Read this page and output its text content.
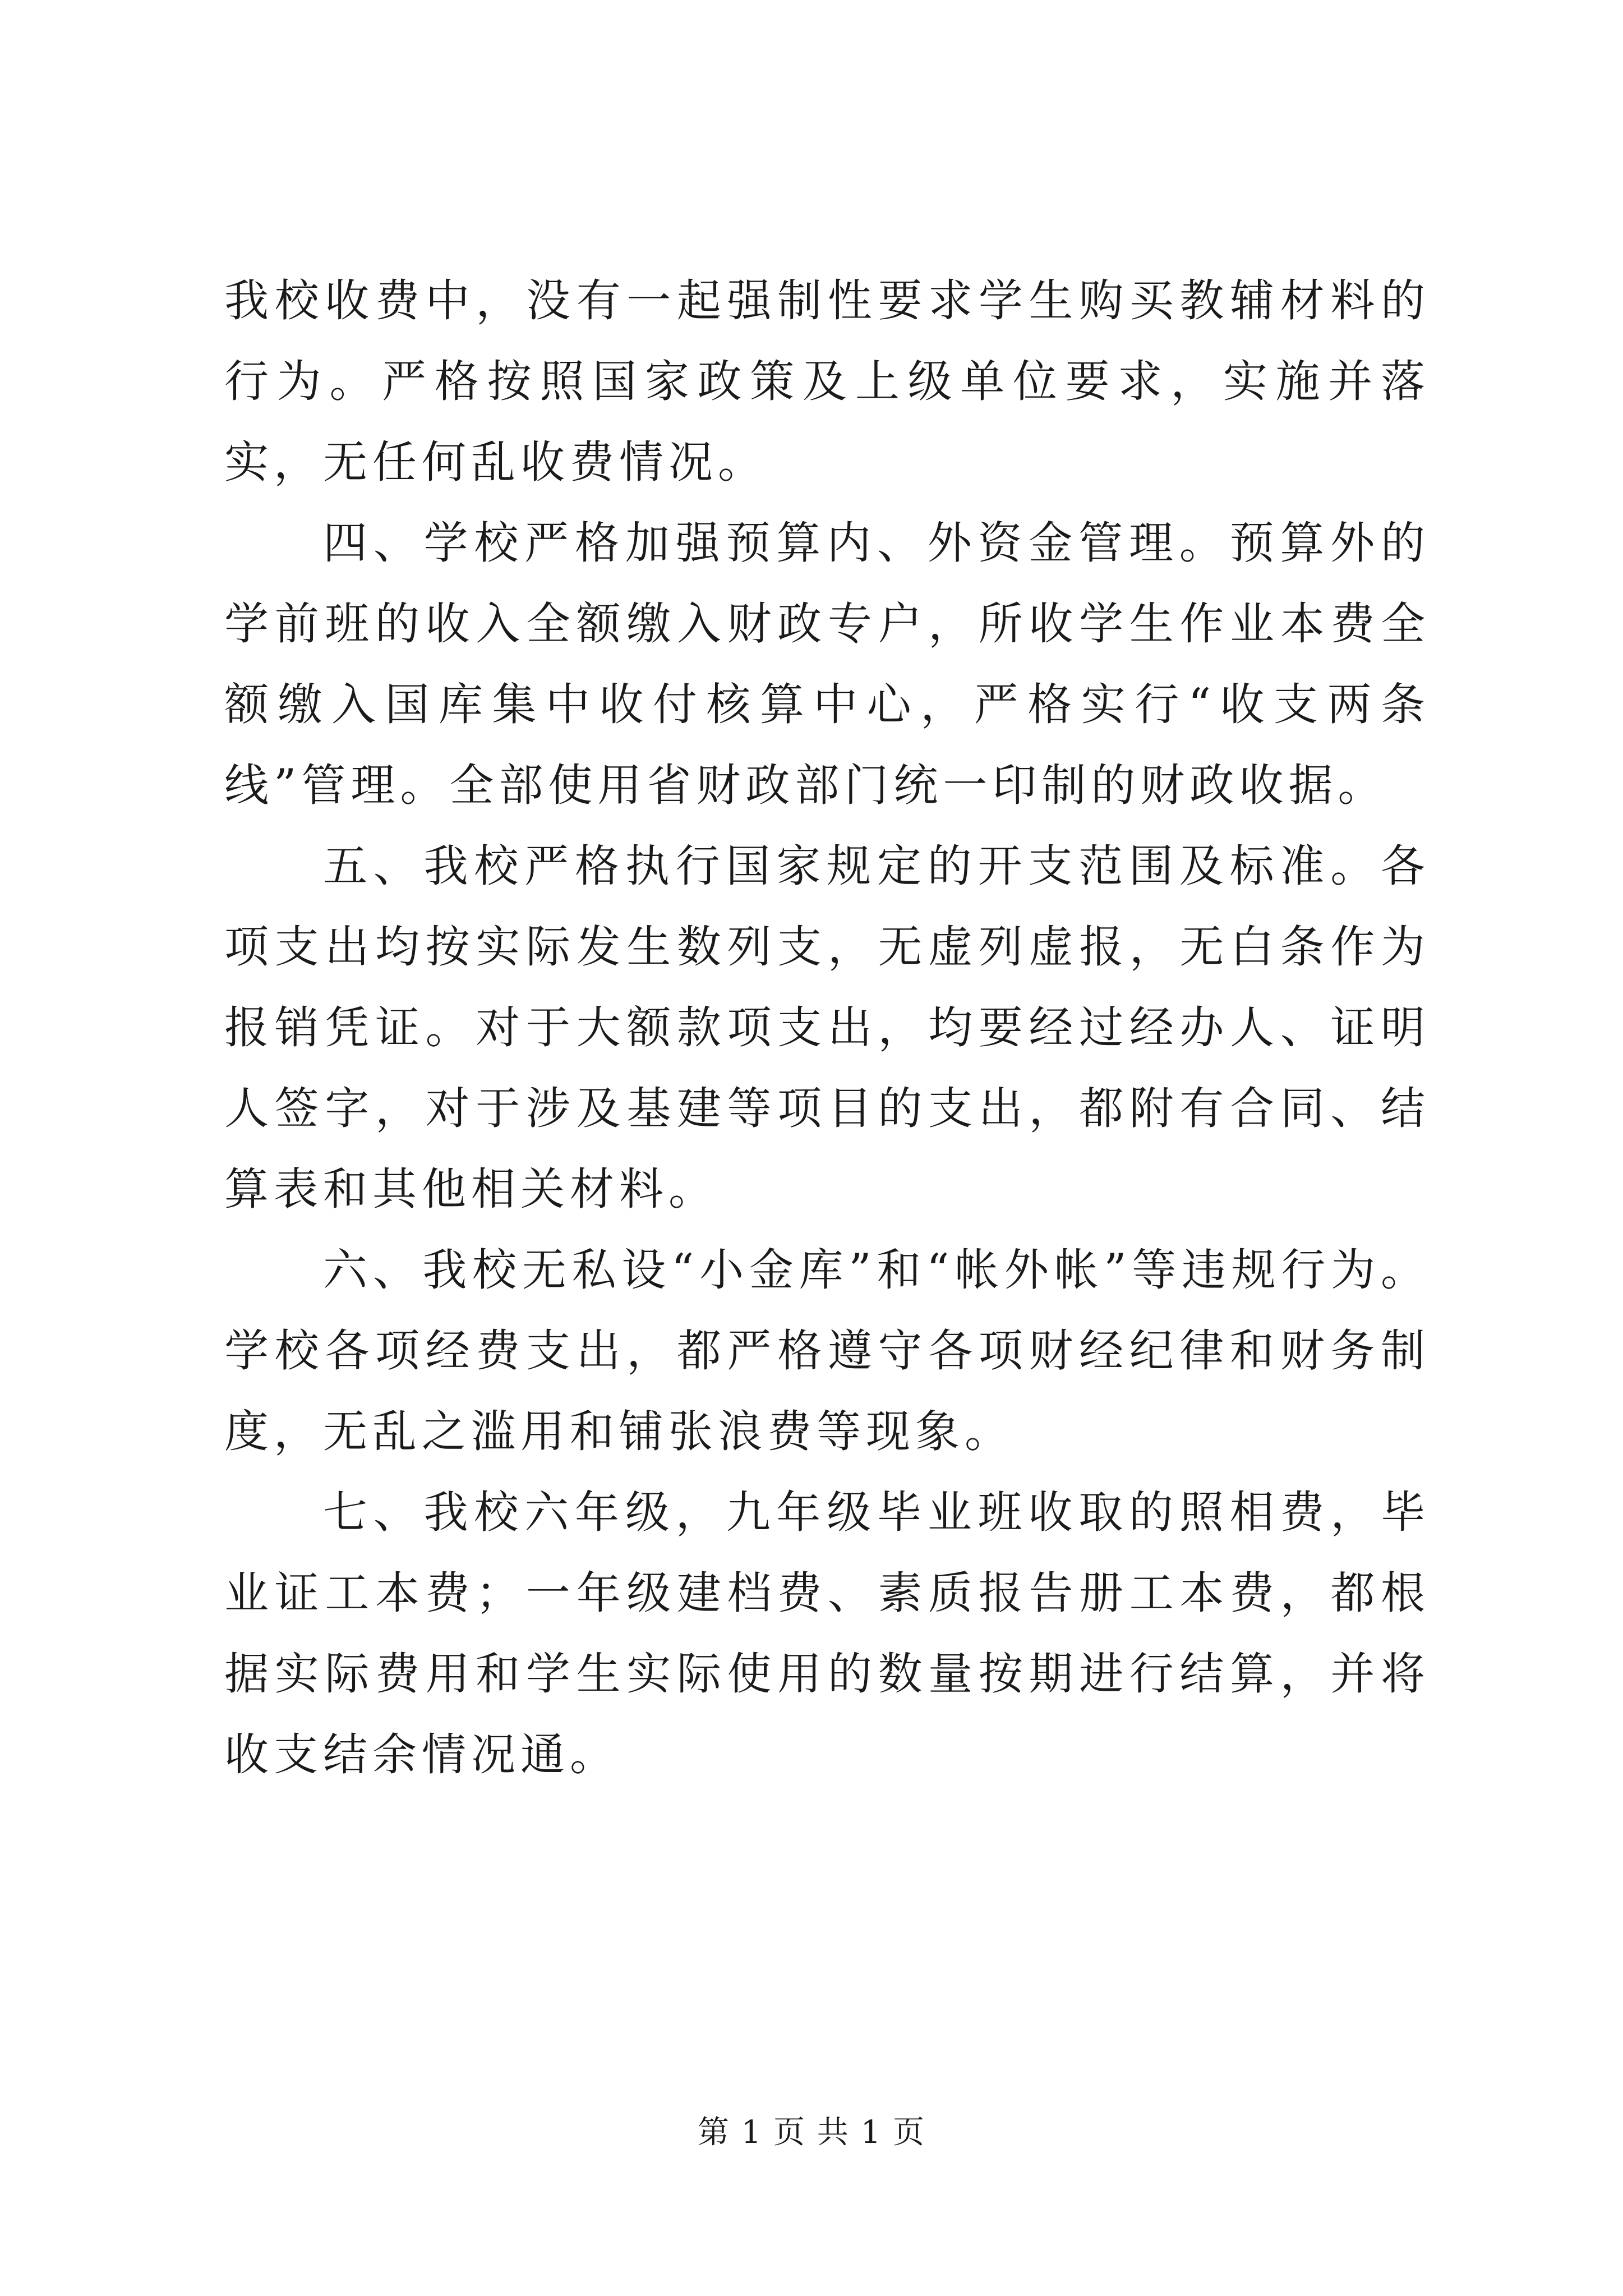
我校收费中，没有一起强制性要求学生购买教辅材料的行为。严格按照国家政策及上级单位要求，实施并落实，无任何乱收费情况。

四、学校严格加强预算内、外资金管理。预算外的学前班的收入全额缴入财政专户，所收学生作业本费全额缴入国库集中收付核算中心，严格实行“收支两条线”管理。全部使用省财政部门统一印制的财政收据。

五、我校严格执行国家规定的开支范围及标准。各项支出均按实际发生数列支，无虚列虚报，无白条作为报销凭证。对于大额款项支出，均要经过经办人、证明人签字，对于涉及基建等项目的支出，都附有合同、结算表和其他相关材料。

六、我校无私设“小金库”和“帐外帐”等违规行为。学校各项经费支出，都严格遵守各项财经纪律和财务制度，无乱之滥用和铺张浪费等现象。

七、我校六年级，九年级毕业班收取的照相费，毕业证工本费；一年级建档费、素质报告册工本费，都根据实际费用和学生实际使用的数量按期进行结算，并将收支结余情况通。

第 1 页 共 1 页
